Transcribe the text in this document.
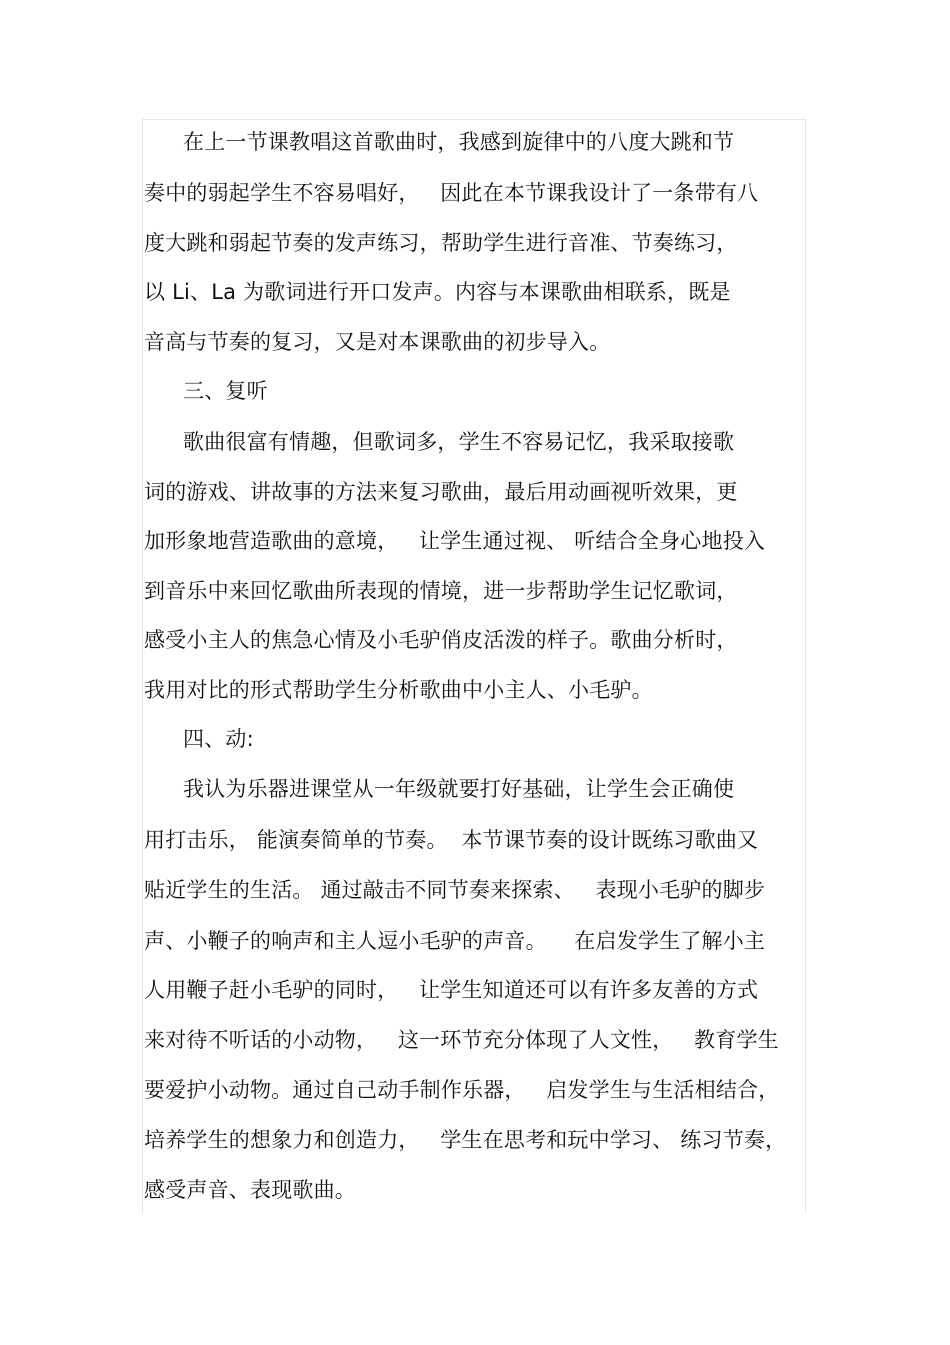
在上一节课教唱这首歌曲时，我感到旋律中的八度大跳和节
奏中的弱起学生不容易唱好，   因此在本节课我设计了一条带有八
度大跳和弱起节奏的发声练习，帮助学生进行音准、节奏练习，
以 Li、La 为歌词进行开口发声。内容与本课歌曲相联系，既是
音高与节奏的复习，又是对本课歌曲的初步导入。
三、复听
歌曲很富有情趣，但歌词多，学生不容易记忆，我采取接歌
词的游戏、讲故事的方法来复习歌曲，最后用动画视听效果，更
加形象地营造歌曲的意境，   让学生通过视、 听结合全身心地投入
到音乐中来回忆歌曲所表现的情境，进一步帮助学生记忆歌词，
感受小主人的焦急心情及小毛驴俏皮活泼的样子。歌曲分析时，
我用对比的形式帮助学生分析歌曲中小主人、小毛驴。
四、动:
我认为乐器进课堂从一年级就要打好基础，让学生会正确使
用打击乐， 能演奏简单的节奏。  本节课节奏的设计既练习歌曲又
贴近学生的生活。 通过敲击不同节奏来探索、   表现小毛驴的脚步
声、小鞭子的响声和主人逗小毛驴的声音。    在启发学生了解小主
人用鞭子赶小毛驴的同时，   让学生知道还可以有许多友善的方式
来对待不听话的小动物，   这一环节充分体现了人文性，   教育学生
要爱护小动物。通过自己动手制作乐器，   启发学生与生活相结合，
培养学生的想象力和创造力，   学生在思考和玩中学习、 练习节奏，
感受声音、表现歌曲。
